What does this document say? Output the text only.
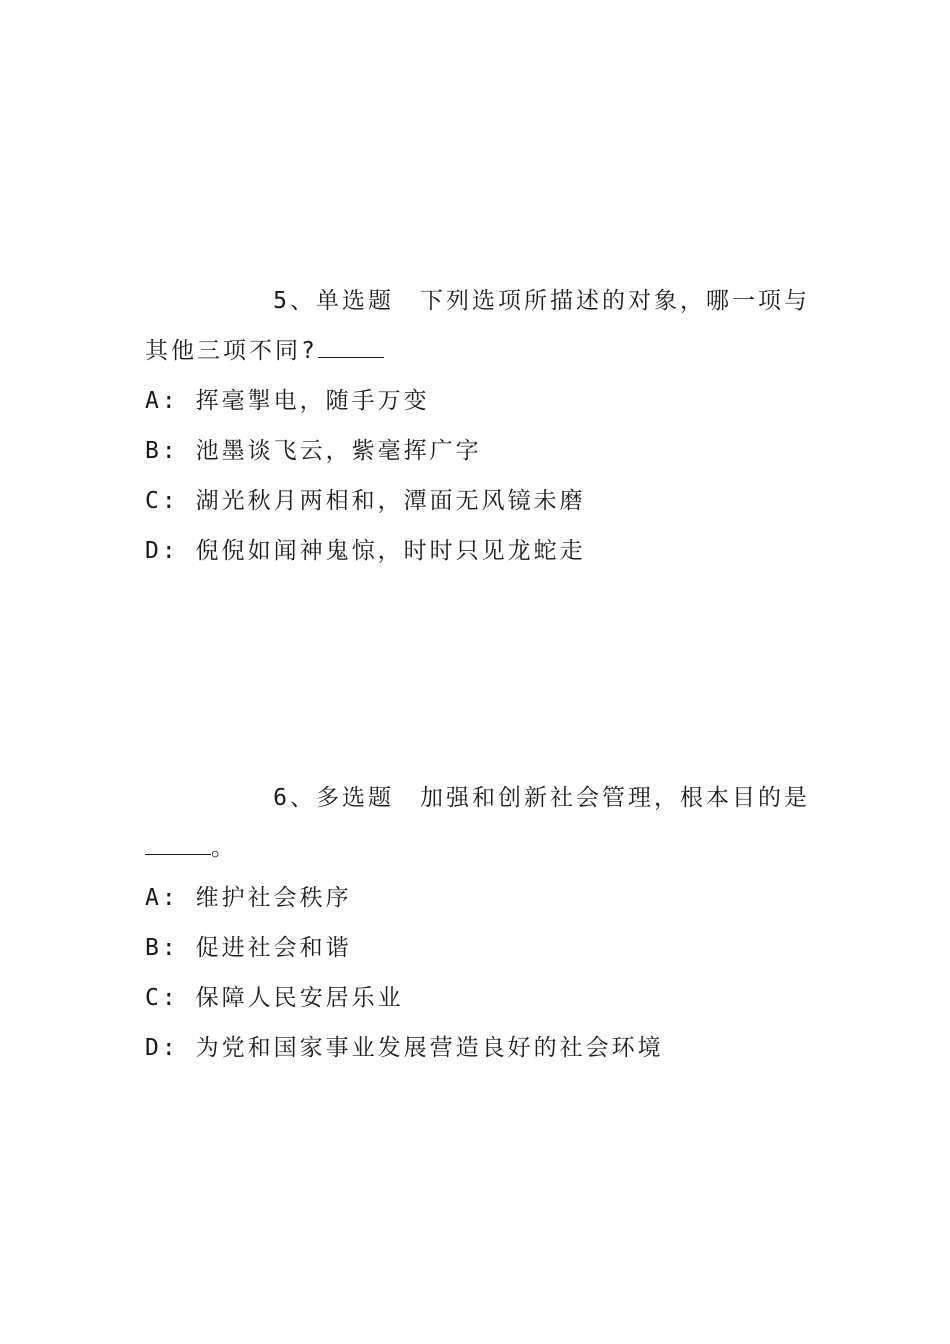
5、单选题 下列选项所描述的对象，哪一项与
其他三项不同?
A: 挥毫掣电，随手万变
B: 池墨谈飞云，紫毫挥广字
C: 湖光秋月两相和，潭面无风镜未磨
D: 倪倪如闻神鬼惊，时时只见龙蛇走
6、多选题 加强和创新社会管理，根本目的是
。
A: 维护社会秩序
B: 促进社会和谐
C: 保障人民安居乐业
D: 为党和国家事业发展营造良好的社会环境
